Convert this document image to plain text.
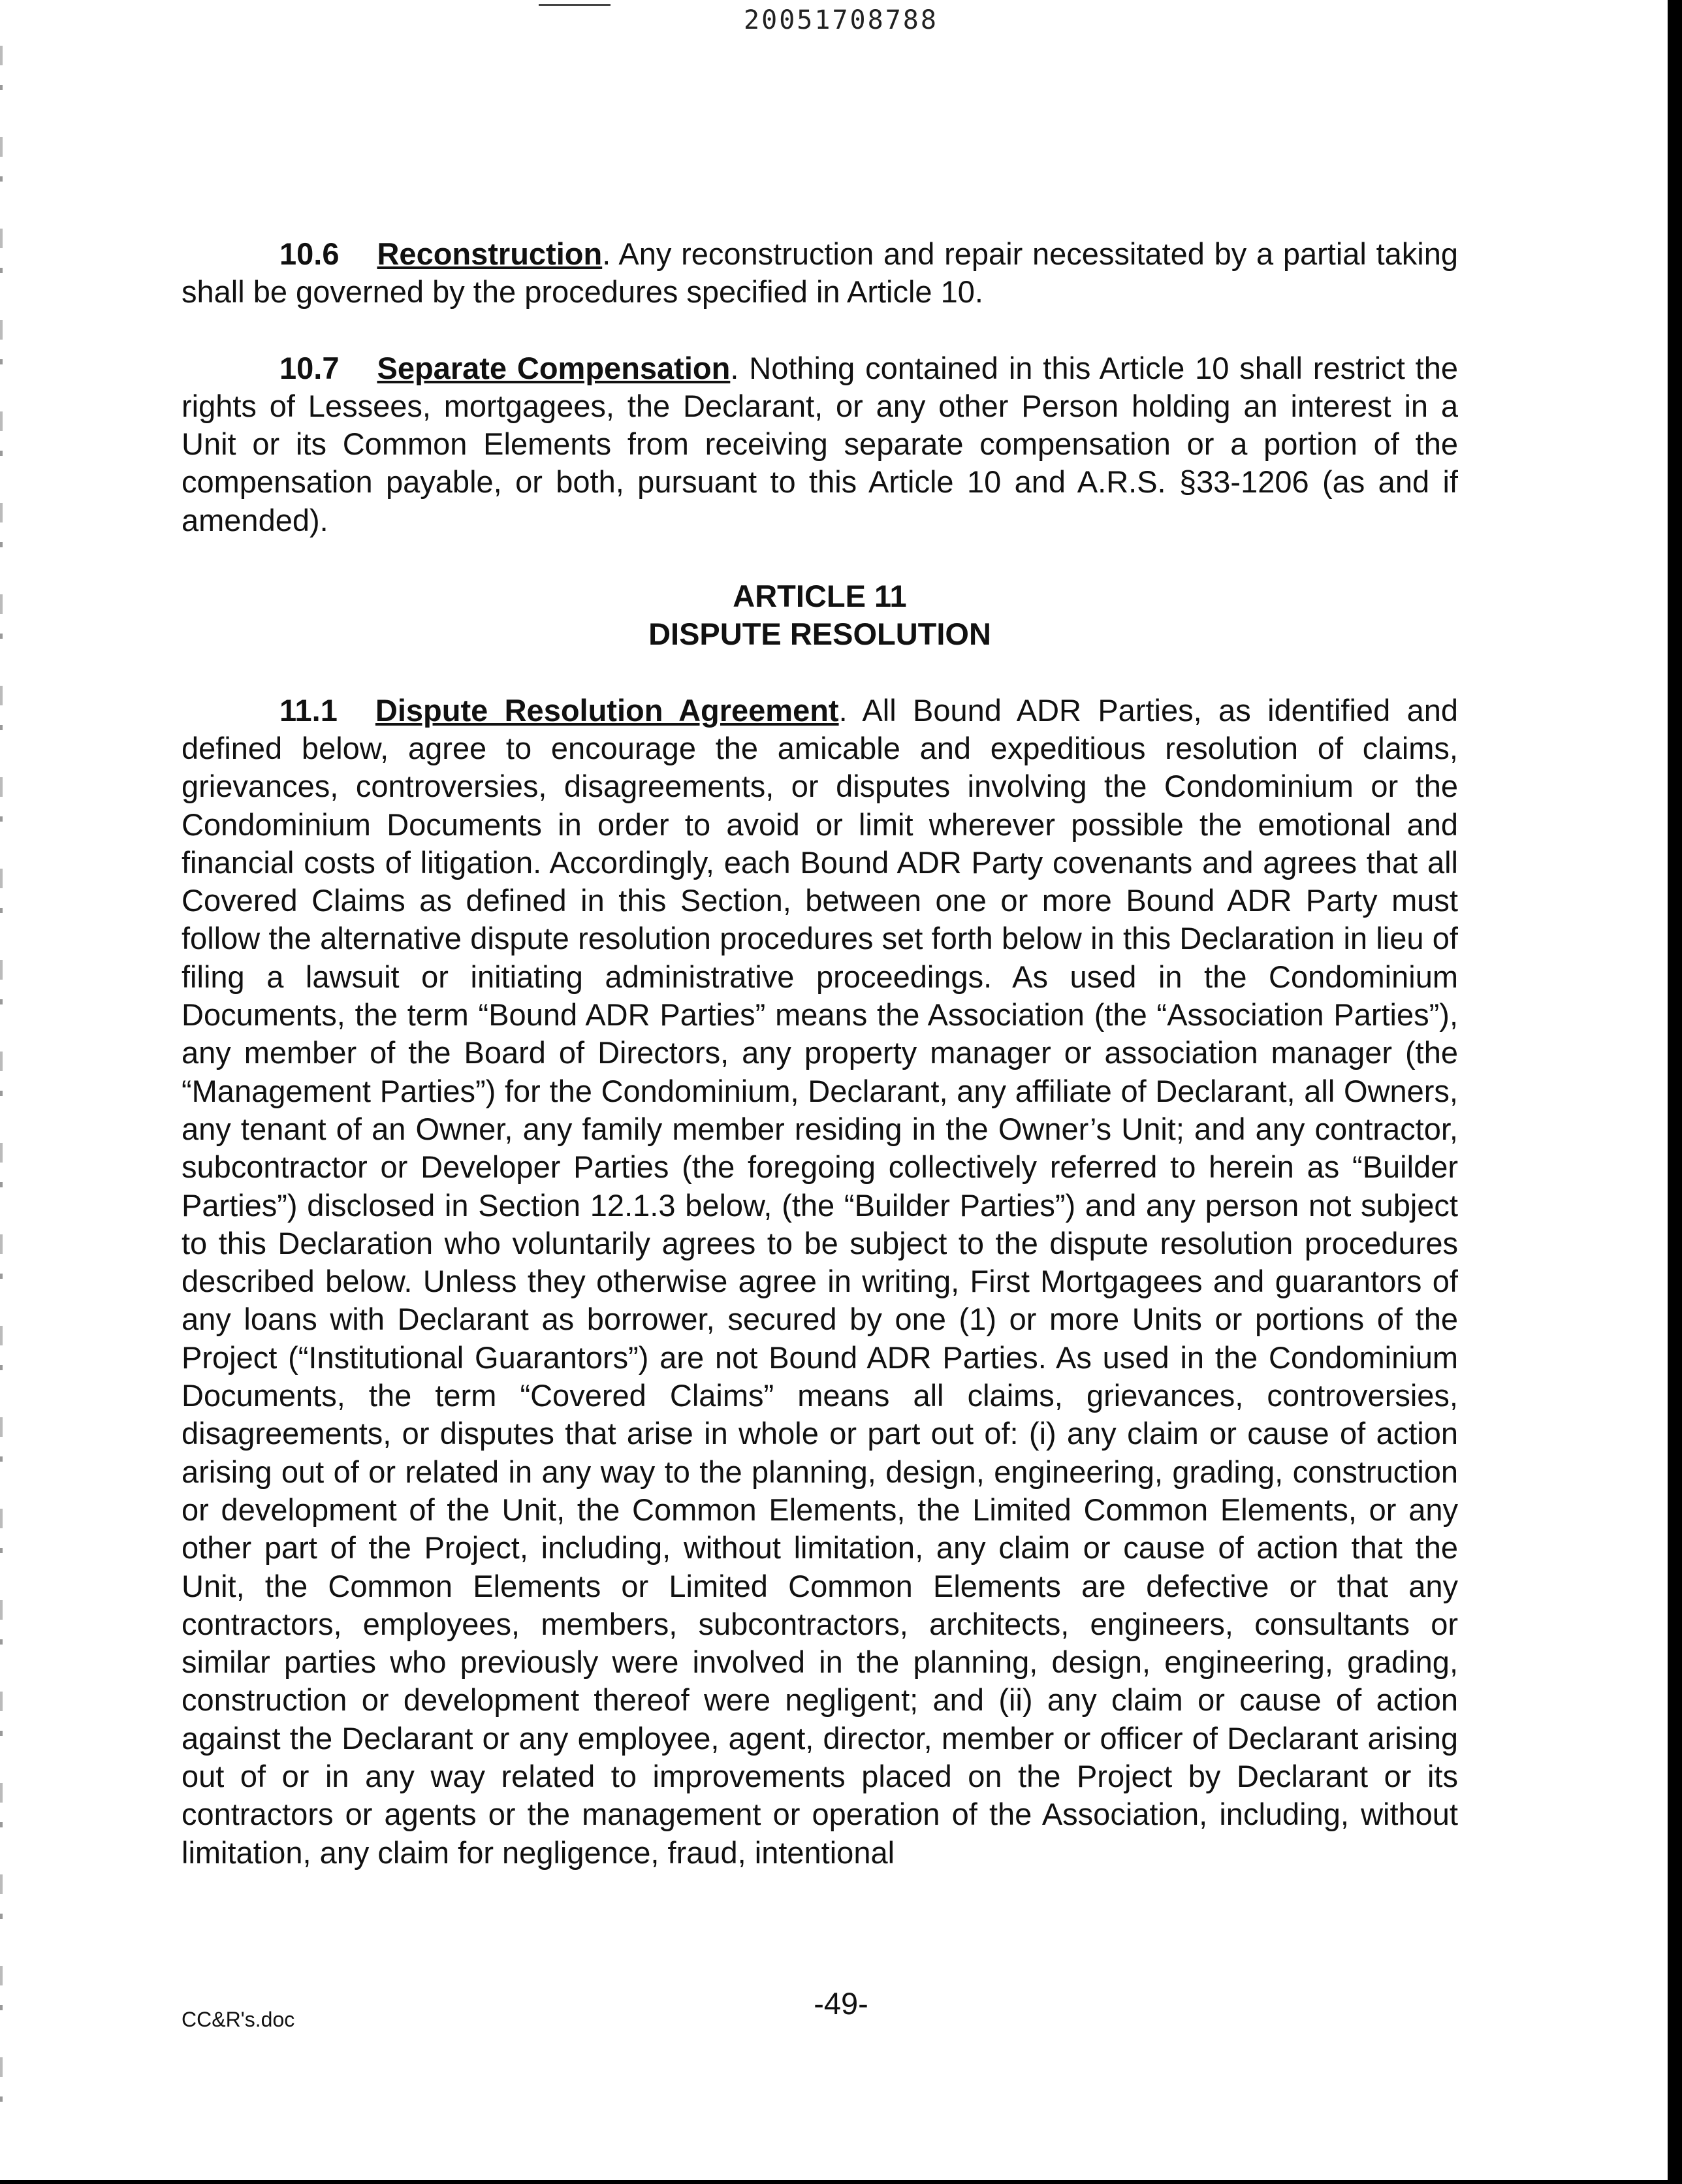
20051708788

10.6 Reconstruction. Any reconstruction and repair necessitated by a partial taking shall be governed by the procedures specified in Article 10.

10.7 Separate Compensation. Nothing contained in this Article 10 shall restrict the rights of Lessees, mortgagees, the Declarant, or any other Person holding an interest in a Unit or its Common Elements from receiving separate compensation or a portion of the compensation payable, or both, pursuant to this Article 10 and A.R.S. §33-1206 (as and if amended).

ARTICLE 11
DISPUTE RESOLUTION

11.1 Dispute Resolution Agreement. All Bound ADR Parties, as identified and defined below, agree to encourage the amicable and expeditious resolution of claims, grievances, controversies, disagreements, or disputes involving the Condominium or the Condominium Documents in order to avoid or limit wherever possible the emotional and financial costs of litigation. Accordingly, each Bound ADR Party covenants and agrees that all Covered Claims as defined in this Section, between one or more Bound ADR Party must follow the alternative dispute resolution procedures set forth below in this Declaration in lieu of filing a lawsuit or initiating administrative proceedings. As used in the Condominium Documents, the term “Bound ADR Parties” means the Association (the “Association Parties”), any member of the Board of Directors, any property manager or association manager (the “Management Parties”) for the Condominium, Declarant, any affiliate of Declarant, all Owners, any tenant of an Owner, any family member residing in the Owner’s Unit; and any contractor, subcontractor or Developer Parties (the foregoing collectively referred to herein as “Builder Parties”) disclosed in Section 12.1.3 below, (the “Builder Parties”) and any person not subject to this Declaration who voluntarily agrees to be subject to the dispute resolution procedures described below. Unless they otherwise agree in writing, First Mortgagees and guarantors of any loans with Declarant as borrower, secured by one (1) or more Units or portions of the Project (“Institutional Guarantors”) are not Bound ADR Parties. As used in the Condominium Documents, the term “Covered Claims” means all claims, grievances, controversies, disagreements, or disputes that arise in whole or part out of: (i) any claim or cause of action arising out of or related in any way to the planning, design, engineering, grading, construction or development of the Unit, the Common Elements, the Limited Common Elements, or any other part of the Project, including, without limitation, any claim or cause of action that the Unit, the Common Elements or Limited Common Elements are defective or that any contractors, employees, members, subcontractors, architects, engineers, consultants or similar parties who previously were involved in the planning, design, engineering, grading, construction or development thereof were negligent; and (ii) any claim or cause of action against the Declarant or any employee, agent, director, member or officer of Declarant arising out of or in any way related to improvements placed on the Project by Declarant or its contractors or agents or the management or operation of the Association, including, without limitation, any claim for negligence, fraud, intentional

CC&R's.doc	-49-
